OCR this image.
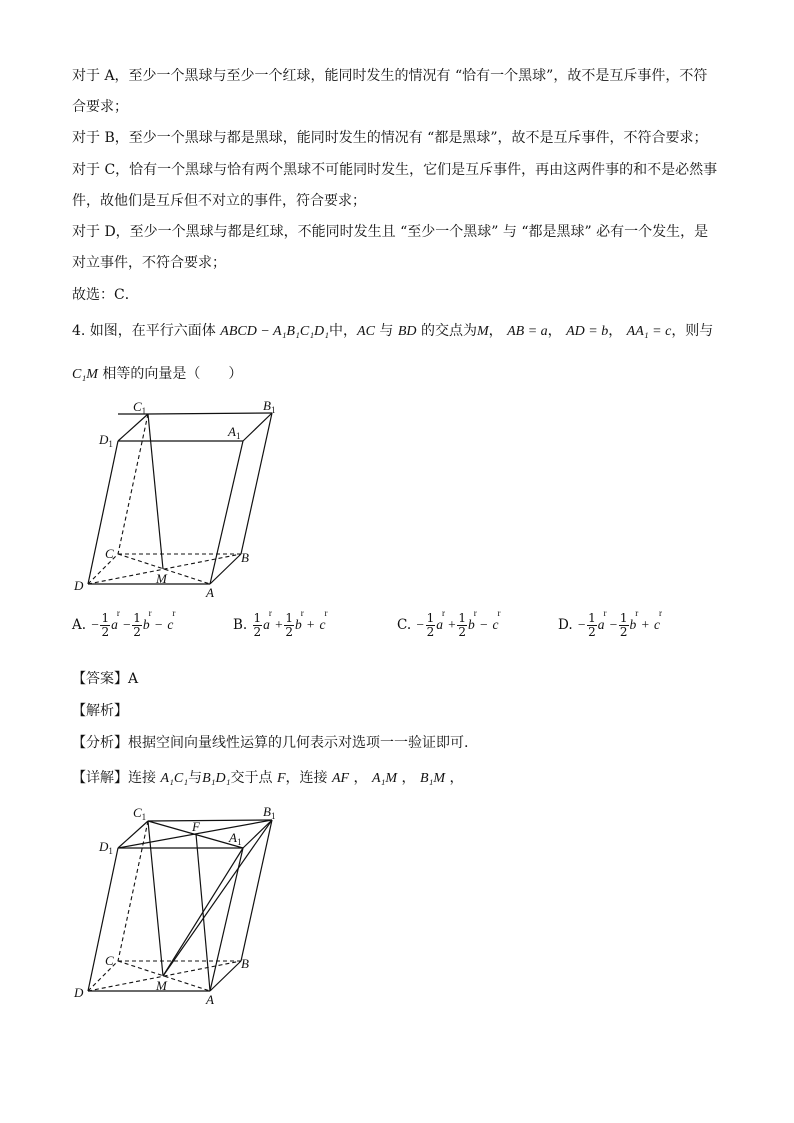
对于 A，至少一个黑球与至少一个红球，能同时发生的情况有 “恰有一个黑球”，故不是互斥事件，不符
合要求；
对于 B，至少一个黑球与都是黑球，能同时发生的情况有 “都是黑球”，故不是互斥事件，不符合要求；
对于 C，恰有一个黑球与恰有两个黑球不可能同时发生，它们是互斥事件，再由这两件事的和不是必然事
件，故他们是互斥但不对立的事件，符合要求；
对于 D，至少一个黑球与都是红球，不能同时发生且 “至少一个黑球” 与 “都是黑球” 必有一个发生，是
对立事件，不符合要求；
故选：C．
4. 如图，在平行六面体 ABCD − A₁B₁C₁D₁中，AC 与 BD 的交点为M， AB = a， AD = b， AA₁ = c，则与
C₁M 相等的向量是（　　）
$C_1$	$B_1$
$D_1$
$A_1$
C	B
D	A
M
A. − $\frac{1}{2}$ r $a - \frac{1}{2}$ r b − r c	B. $\frac{1}{2}$ r $a + \frac{1}{2}$ r b + r c	C. − $\frac{1}{2}$ r $a + \frac{1}{2}$ r b − r c	D. − $\frac{1}{2}$ r $a - \frac{1}{2}$ r b + r c
【答案】A
【解析】
【分析】根据空间向量线性运算的几何表示对选项一一验证即可.
【详解】连接 A₁C₁与B₁D₁交于点 F，连接 AF ， A₁M ， B₁M ，
$C_1$	$B_1$
$D_1$
$A_1$
F
C	B
D	A
M
